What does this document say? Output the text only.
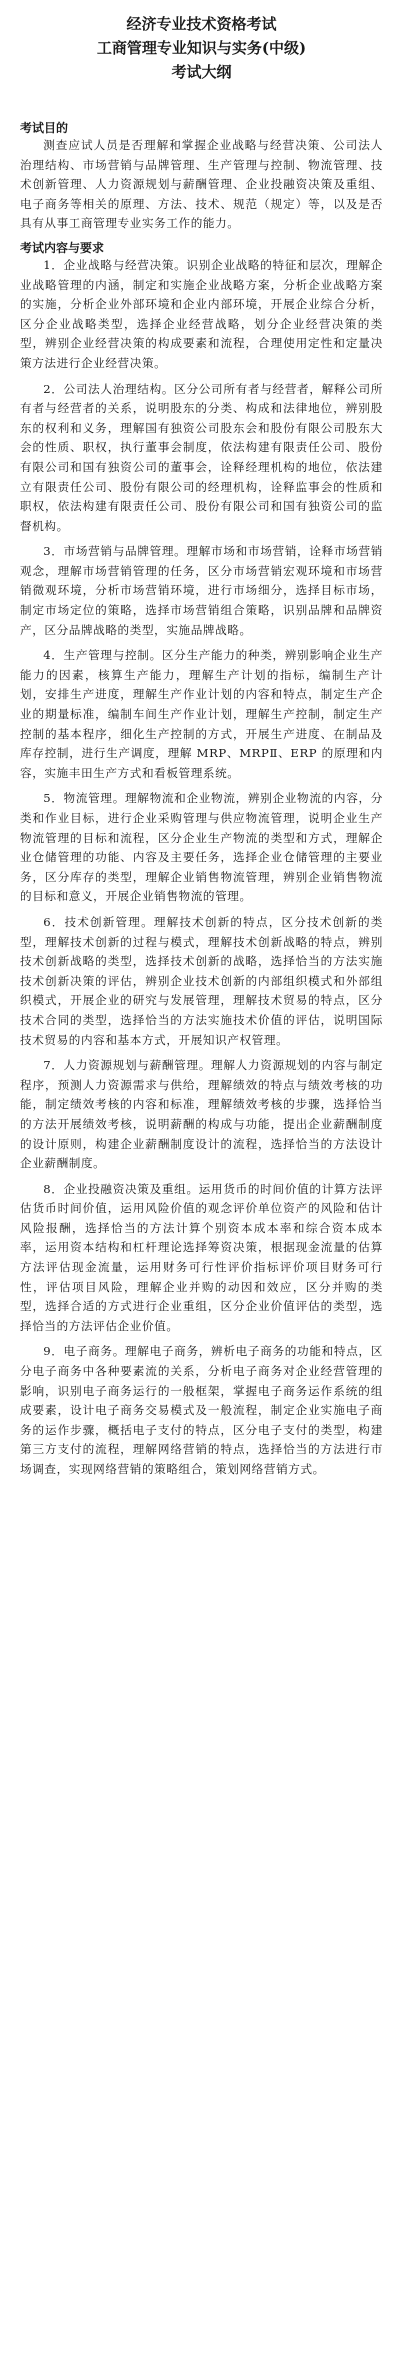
经济专业技术资格考试
工商管理专业知识与实务(中级)
考试大纲
考试目的

测查应试人员是否理解和掌握企业战略与经营决策、公司法人治理结构、市场营销与品牌管理、生产管理与控制、物流管理、技术创新管理、人力资源规划与薪酬管理、企业投融资决策及重组、电子商务等相关的原理、方法、技术、规范（规定）等，以及是否具有从事工商管理专业实务工作的能力。

考试内容与要求

1．企业战略与经营决策。识别企业战略的特征和层次，理解企业战略管理的内涵，制定和实施企业战略方案，分析企业战略方案的实施，分析企业外部环境和企业内部环境，开展企业综合分析，区分企业战略类型，选择企业经营战略，划分企业经营决策的类型，辨别企业经营决策的构成要素和流程，合理使用定性和定量决策方法进行企业经营决策。

2．公司法人治理结构。区分公司所有者与经营者，解释公司所有者与经营者的关系，说明股东的分类、构成和法律地位，辨别股东的权利和义务，理解国有独资公司股东会和股份有限公司股东大会的性质、职权，执行董事会制度，依法构建有限责任公司、股份有限公司和国有独资公司的董事会，诠释经理机构的地位，依法建立有限责任公司、股份有限公司的经理机构，诠释监事会的性质和职权，依法构建有限责任公司、股份有限公司和国有独资公司的监督机构。

3．市场营销与品牌管理。理解市场和市场营销，诠释市场营销观念，理解市场营销管理的任务，区分市场营销宏观环境和市场营销微观环境，分析市场营销环境，进行市场细分，选择目标市场，制定市场定位的策略，选择市场营销组合策略，识别品牌和品牌资产，区分品牌战略的类型，实施品牌战略。

4．生产管理与控制。区分生产能力的种类，辨别影响企业生产能力的因素，核算生产能力，理解生产计划的指标，编制生产计划，安排生产进度，理解生产作业计划的内容和特点，制定生产企业的期量标准，编制车间生产作业计划，理解生产控制，制定生产控制的基本程序，细化生产控制的方式，开展生产进度、在制品及库存控制，进行生产调度，理解 MRP、MRPⅡ、ERP 的原理和内容，实施丰田生产方式和看板管理系统。

5．物流管理。理解物流和企业物流，辨别企业物流的内容，分类和作业目标，进行企业采购管理与供应物流管理，说明企业生产物流管理的目标和流程，区分企业生产物流的类型和方式，理解企业仓储管理的功能、内容及主要任务，选择企业仓储管理的主要业务，区分库存的类型，理解企业销售物流管理，辨别企业销售物流的目标和意义，开展企业销售物流的管理。

6．技术创新管理。理解技术创新的特点，区分技术创新的类型，理解技术创新的过程与模式，理解技术创新战略的特点，辨别技术创新战略的类型，选择技术创新的战略，选择恰当的方法实施技术创新决策的评估，辨别企业技术创新的内部组织模式和外部组织模式，开展企业的研究与发展管理，理解技术贸易的特点，区分技术合同的类型，选择恰当的方法实施技术价值的评估，说明国际技术贸易的内容和基本方式，开展知识产权管理。

7．人力资源规划与薪酬管理。理解人力资源规划的内容与制定程序，预测人力资源需求与供给，理解绩效的特点与绩效考核的功能，制定绩效考核的内容和标准，理解绩效考核的步骤，选择恰当的方法开展绩效考核，说明薪酬的构成与功能，提出企业薪酬制度的设计原则，构建企业薪酬制度设计的流程，选择恰当的方法设计企业薪酬制度。

8．企业投融资决策及重组。运用货币的时间价值的计算方法评估货币时间价值，运用风险价值的观念评价单位资产的风险和估计风险报酬，选择恰当的方法计算个别资本成本率和综合资本成本率，运用资本结构和杠杆理论选择筹资决策，根据现金流量的估算方法评估现金流量，运用财务可行性评价指标评价项目财务可行性，评估项目风险，理解企业并购的动因和效应，区分并购的类型，选择合适的方式进行企业重组，区分企业价值评估的类型，选择恰当的方法评估企业价值。

9．电子商务。理解电子商务，辨析电子商务的功能和特点，区分电子商务中各种要素流的关系，分析电子商务对企业经营管理的影响，识别电子商务运行的一般框架，掌握电子商务运作系统的组成要素，设计电子商务交易模式及一般流程，制定企业实施电子商务的运作步骤，概括电子支付的特点，区分电子支付的类型，构建第三方支付的流程，理解网络营销的特点，选择恰当的方法进行市场调查，实现网络营销的策略组合，策划网络营销方式。
